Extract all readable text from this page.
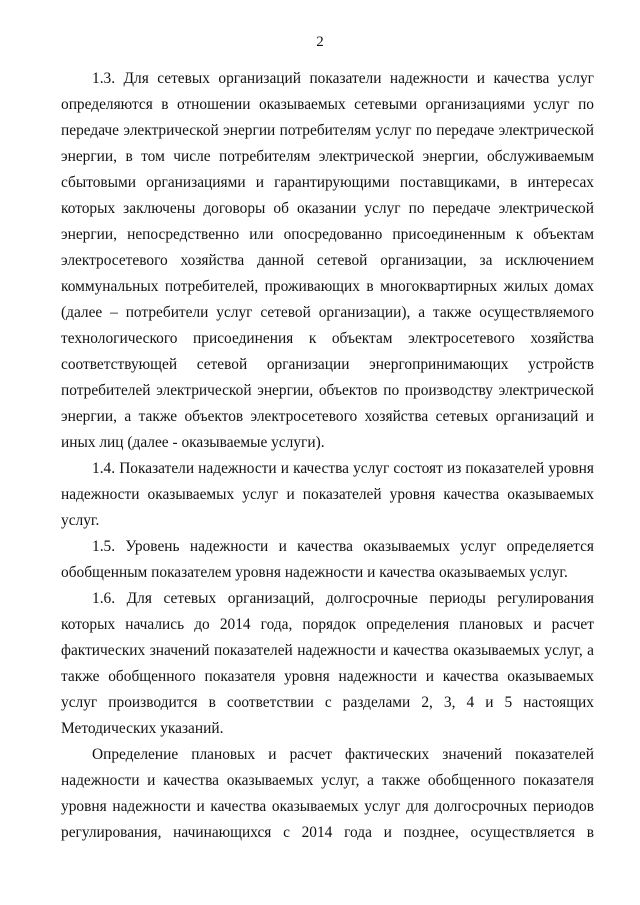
2

1.3. Для сетевых организаций показатели надежности и качества услуг определяются в отношении оказываемых сетевыми организациями услуг по передаче электрической энергии потребителям услуг по передаче электрической энергии, в том числе потребителям электрической энергии, обслуживаемым сбытовыми организациями и гарантирующими поставщиками, в интересах которых заключены договоры об оказании услуг по передаче электрической энергии, непосредственно или опосредованно присоединенным к объектам электросетевого хозяйства данной сетевой организации, за исключением коммунальных потребителей, проживающих в многоквартирных жилых домах (далее – потребители услуг сетевой организации), а также осуществляемого технологического присоединения к объектам электросетевого хозяйства соответствующей сетевой организации энергопринимающих устройств потребителей электрической энергии, объектов по производству электрической энергии, а также объектов электросетевого хозяйства сетевых организаций и иных лиц (далее - оказываемые услуги).

1.4. Показатели надежности и качества услуг состоят из показателей уровня надежности оказываемых услуг и показателей уровня качества оказываемых услуг.

1.5. Уровень надежности и качества оказываемых услуг определяется обобщенным показателем уровня надежности и качества оказываемых услуг.

1.6. Для сетевых организаций, долгосрочные периоды регулирования которых начались до 2014 года, порядок определения плановых и расчет фактических значений показателей надежности и качества оказываемых услуг, а также обобщенного показателя уровня надежности и качества оказываемых услуг производится в соответствии с разделами 2, 3, 4 и 5 настоящих Методических указаний.

Определение плановых и расчет фактических значений показателей надежности и качества оказываемых услуг, а также обобщенного показателя уровня надежности и качества оказываемых услуг для долгосрочных периодов регулирования, начинающихся с 2014 года и позднее, осуществляется в
